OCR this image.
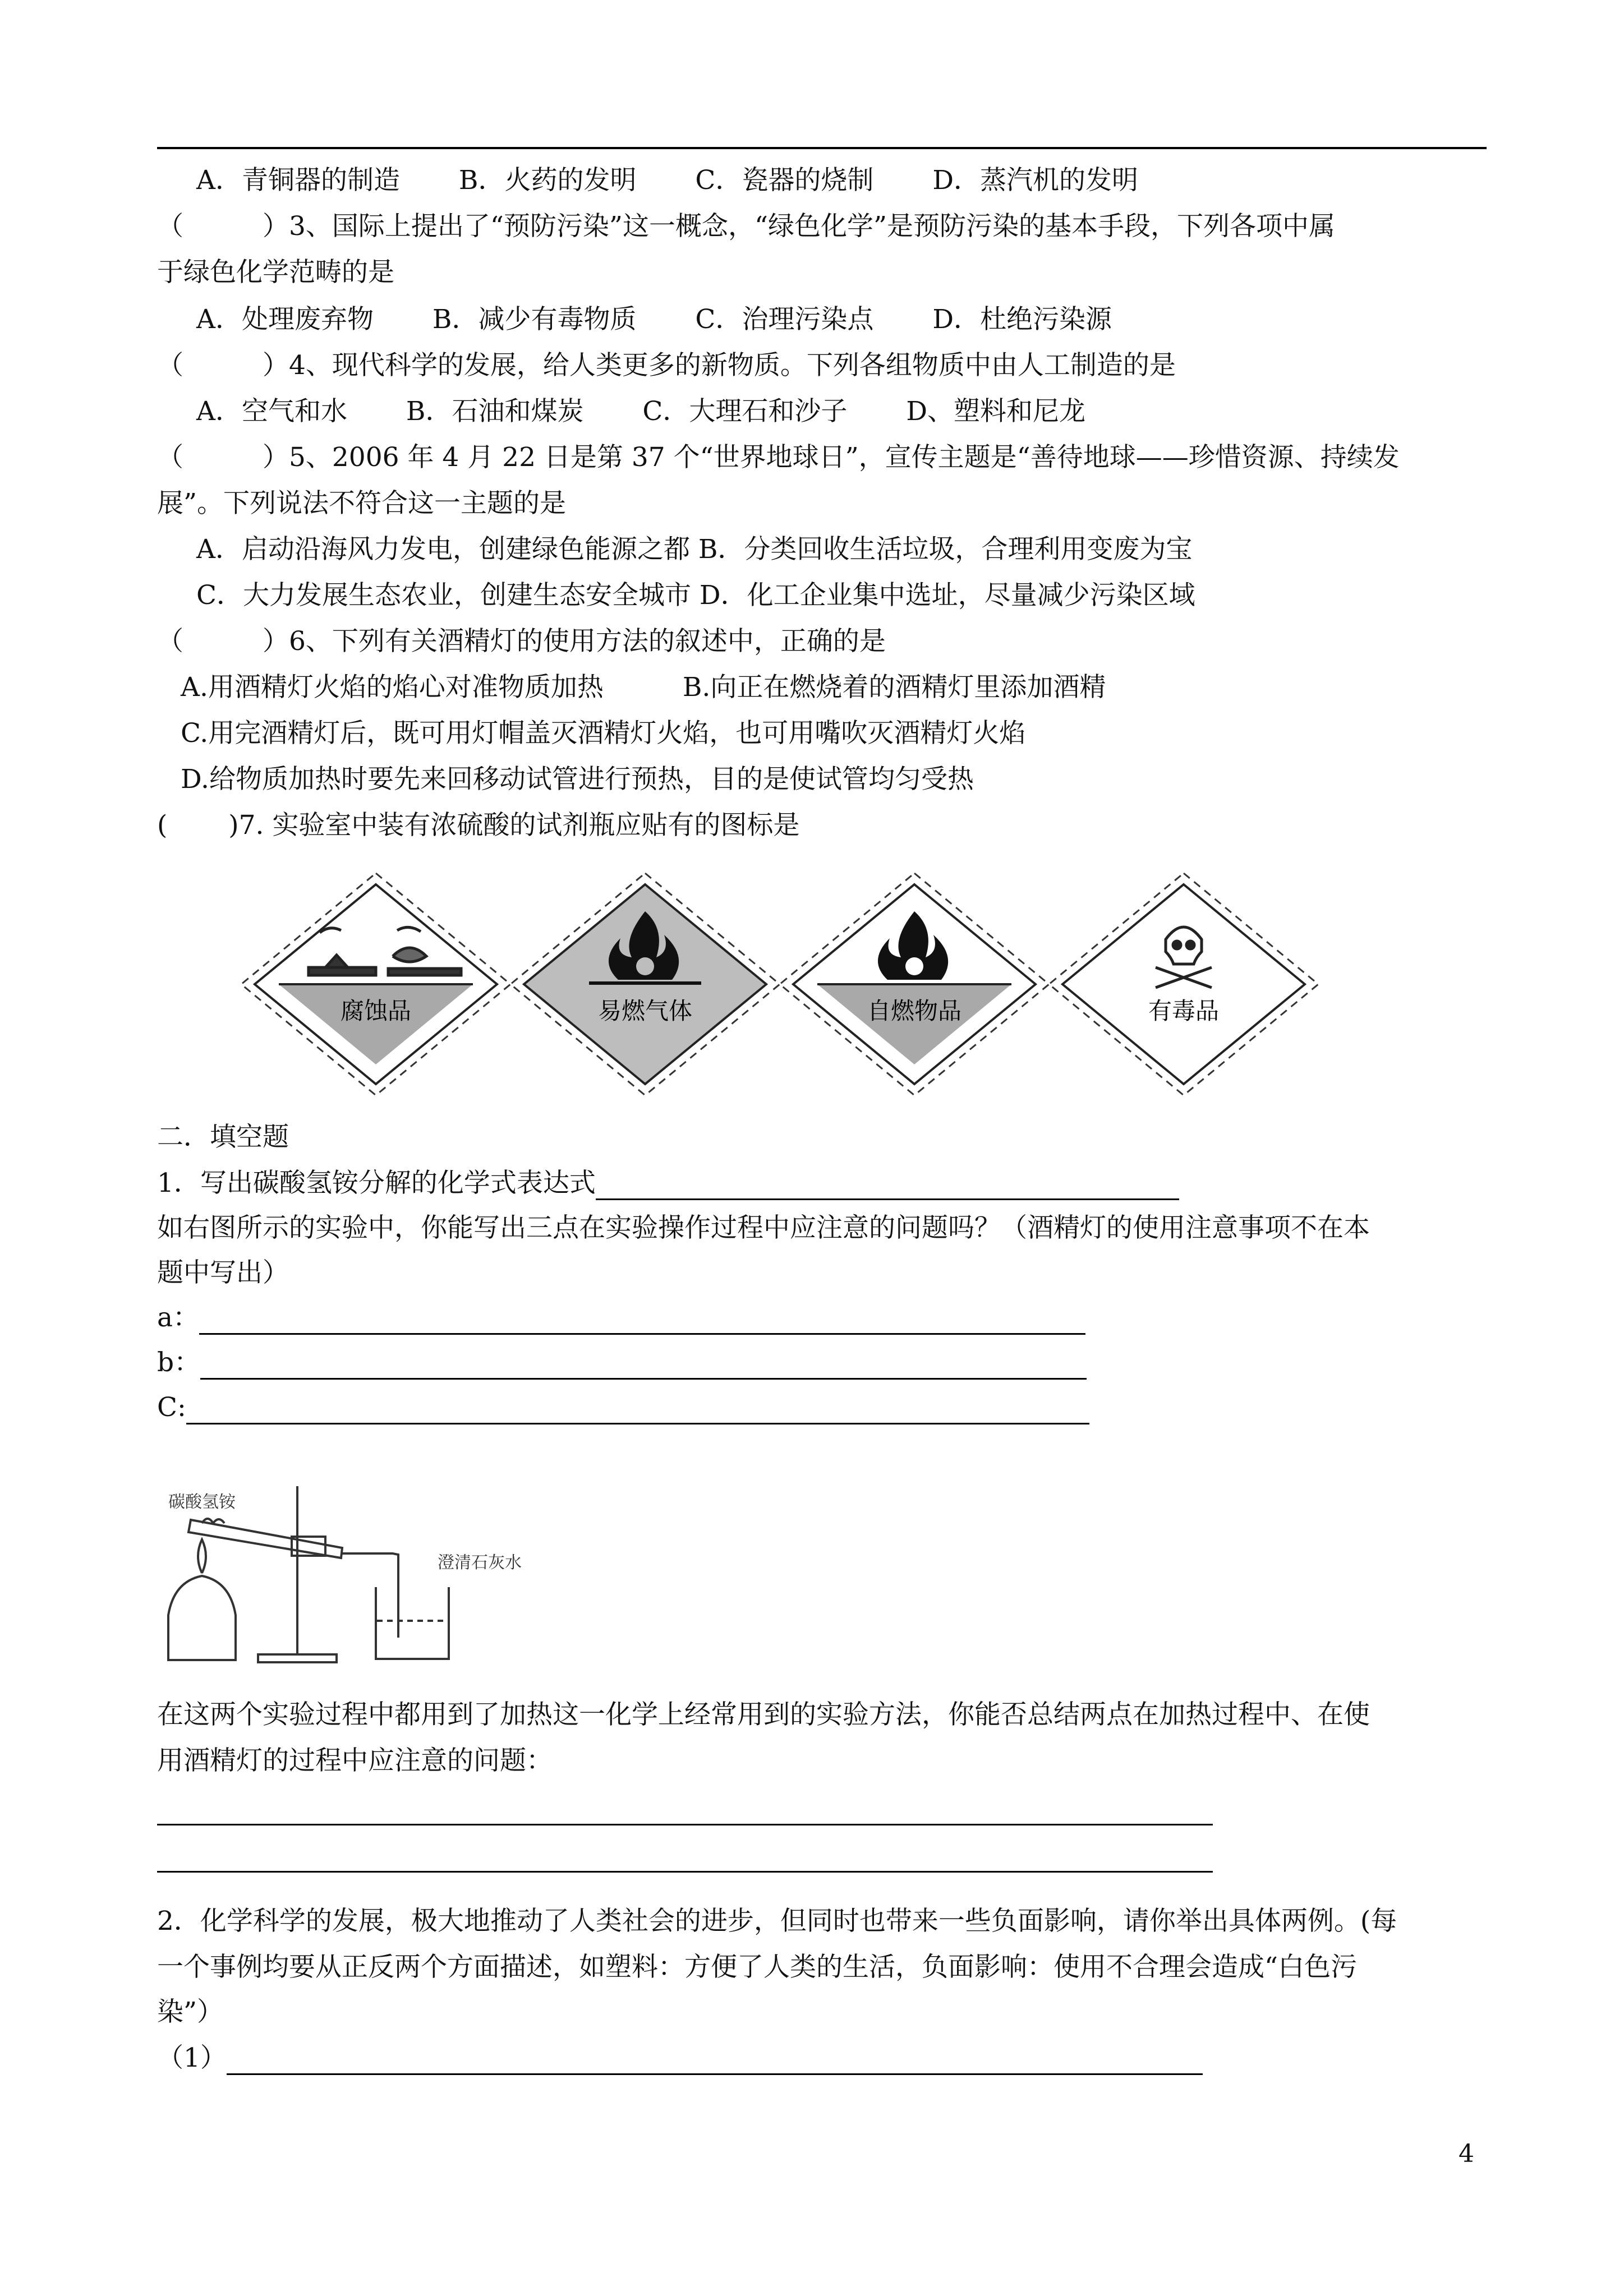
A．青铜器的制造 B．火药的发明 C．瓷器的烧制 D．蒸汽机的发明
（　　　）3、国际上提出了“预防污染”这一概念，“绿色化学”是预防污染的基本手段，下列各项中属
于绿色化学范畴的是
A．处理废弃物 B．减少有毒物质 C．治理污染点 D．杜绝污染源
（　　　）4、现代科学的发展，给人类更多的新物质。下列各组物质中由人工制造的是
A．空气和水 B．石油和煤炭 C．大理石和沙子 D、塑料和尼龙
（　　　）5、2006 年 4 月 22 日是第 37 个“世界地球日”，宣传主题是“善待地球——珍惜资源、持续发
展”。下列说法不符合这一主题的是
A．启动沿海风力发电，创建绿色能源之都 B．分类回收生活垃圾，合理利用变废为宝
C．大力发展生态农业，创建生态安全城市 D．化工企业集中选址，尽量减少污染区域
（　　　）6、下列有关酒精灯的使用方法的叙述中，正确的是
A.用酒精灯火焰的焰心对准物质加热　　　B.向正在燃烧着的酒精灯里添加酒精
C.用完酒精灯后，既可用灯帽盖灭酒精灯火焰，也可用嘴吹灭酒精灯火焰
D.给物质加热时要先来回移动试管进行预热，目的是使试管均匀受热
(　　 )7. 实验室中装有浓硫酸的试剂瓶应贴有的图标是
腐蚀品	易燃气体	自燃物品	有毒品
二．填空题
1．写出碳酸氢铵分解的化学式表达式
如右图所示的实验中，你能写出三点在实验操作过程中应注意的问题吗？（酒精灯的使用注意事项不在本
题中写出）
a：
b：
C:
碳酸氢铵
澄清石灰水
在这两个实验过程中都用到了加热这一化学上经常用到的实验方法，你能否总结两点在加热过程中、在使
用酒精灯的过程中应注意的问题：
2．化学科学的发展，极大地推动了人类社会的进步，但同时也带来一些负面影响，请你举出具体两例。(每
一个事例均要从正反两个方面描述，如塑料：方便了人类的生活，负面影响：使用不合理会造成“白色污
染”）
（1）
4
